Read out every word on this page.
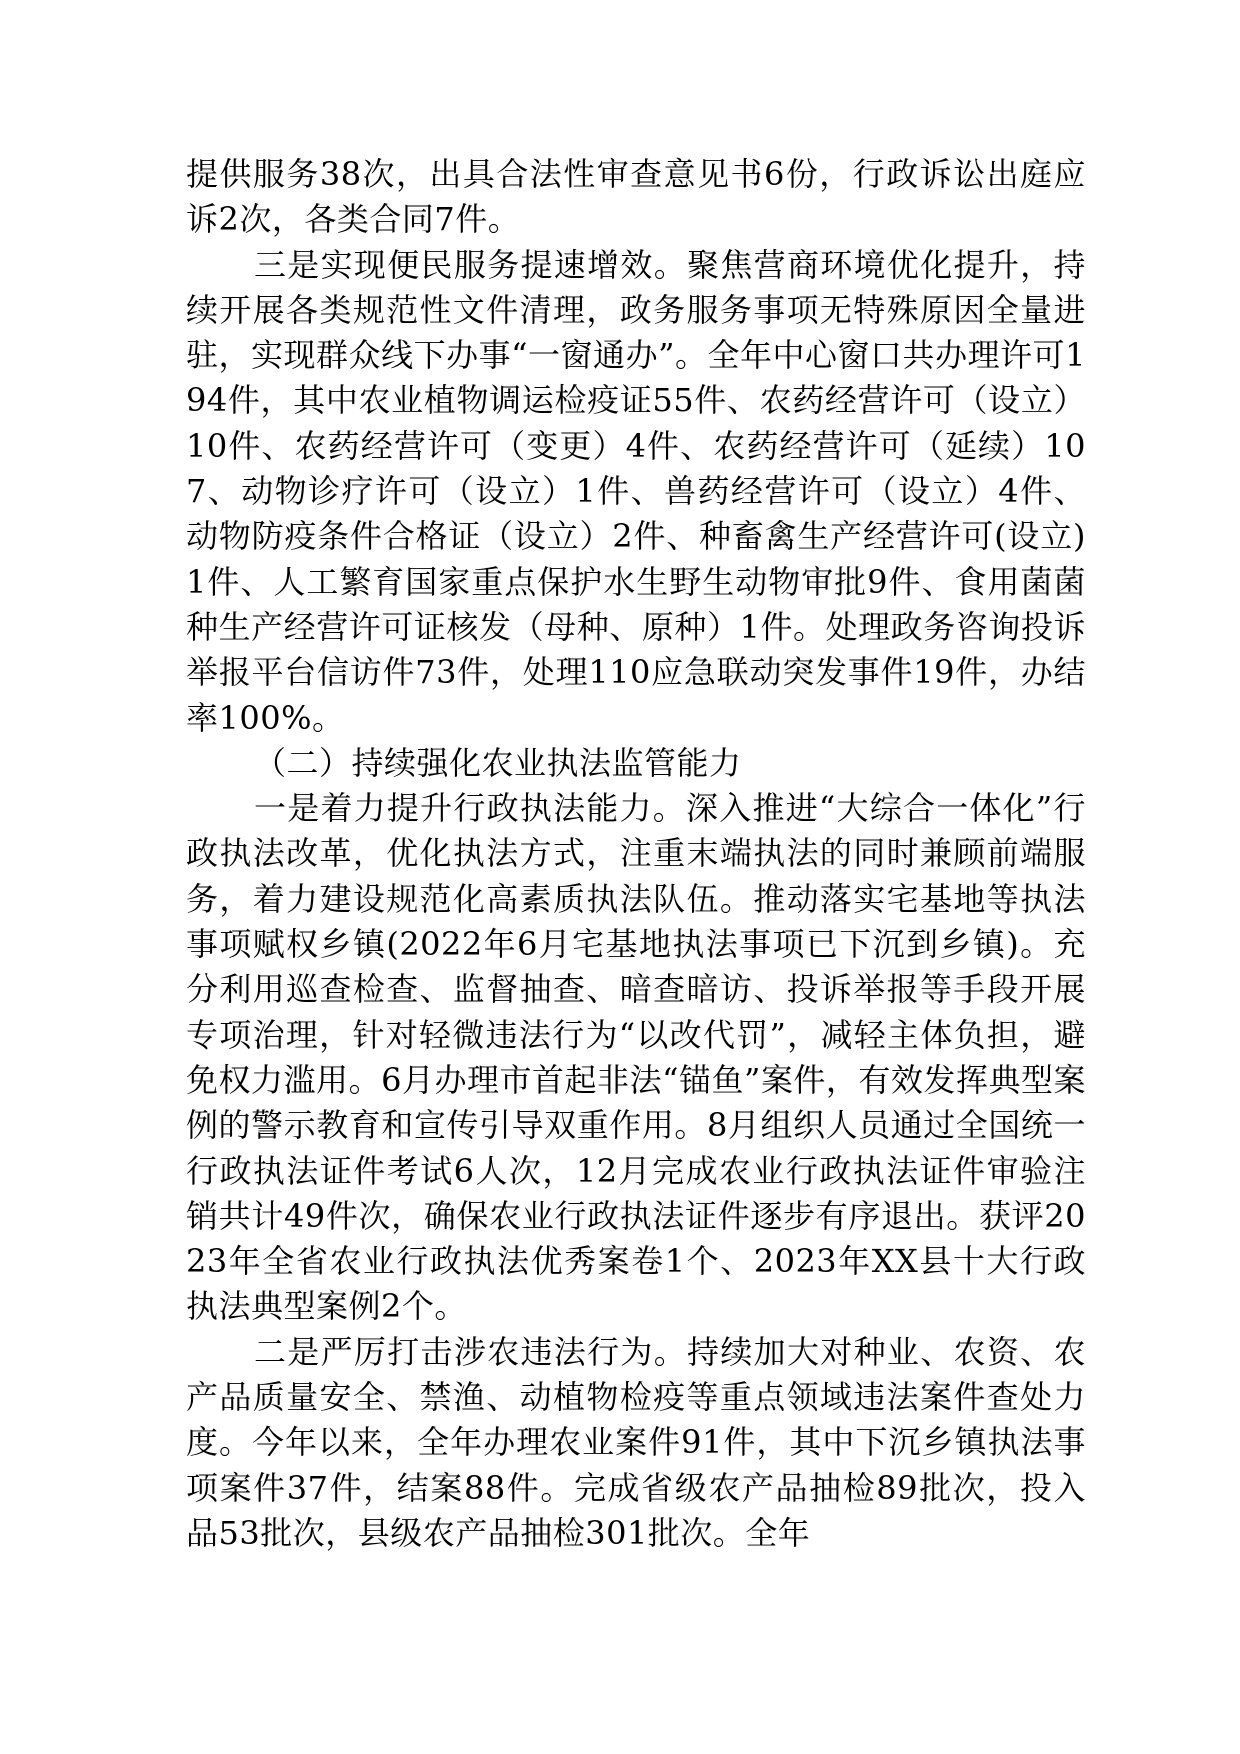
提供服务38次，出具合法性审查意见书6份，行政诉讼出庭应诉2次，各类合同7件。

三是实现便民服务提速增效。聚焦营商环境优化提升，持续开展各类规范性文件清理，政务服务事项无特殊原因全量进驻，实现群众线下办事“一窗通办”。全年中心窗口共办理许可194件，其中农业植物调运检疫证55件、农药经营许可（设立）10件、农药经营许可（变更）4件、农药经营许可（延续）107、动物诊疗许可（设立）1件、兽药经营许可（设立）4件、动物防疫条件合格证（设立）2件、种畜禽生产经营许可(设立)1件、人工繁育国家重点保护水生野生动物审批9件、食用菌菌种生产经营许可证核发（母种、原种）1件。处理政务咨询投诉举报平台信访件73件，处理110应急联动突发事件19件，办结率100%。

（二）持续强化农业执法监管能力

一是着力提升行政执法能力。深入推进“大综合一体化”行政执法改革，优化执法方式，注重末端执法的同时兼顾前端服务，着力建设规范化高素质执法队伍。推动落实宅基地等执法事项赋权乡镇(2022年6月宅基地执法事项已下沉到乡镇)。充分利用巡查检查、监督抽查、暗查暗访、投诉举报等手段开展专项治理，针对轻微违法行为“以改代罚”，减轻主体负担，避免权力滥用。6月办理市首起非法“锚鱼”案件，有效发挥典型案例的警示教育和宣传引导双重作用。8月组织人员通过全国统一行政执法证件考试6人次，12月完成农业行政执法证件审验注销共计49件次，确保农业行政执法证件逐步有序退出。获评2023年全省农业行政执法优秀案卷1个、2023年XX县十大行政执法典型案例2个。

二是严厉打击涉农违法行为。持续加大对种业、农资、农产品质量安全、禁渔、动植物检疫等重点领域违法案件查处力度。今年以来，全年办理农业案件91件，其中下沉乡镇执法事项案件37件，结案88件。完成省级农产品抽检89批次，投入品53批次，县级农产品抽检301批次。全年
